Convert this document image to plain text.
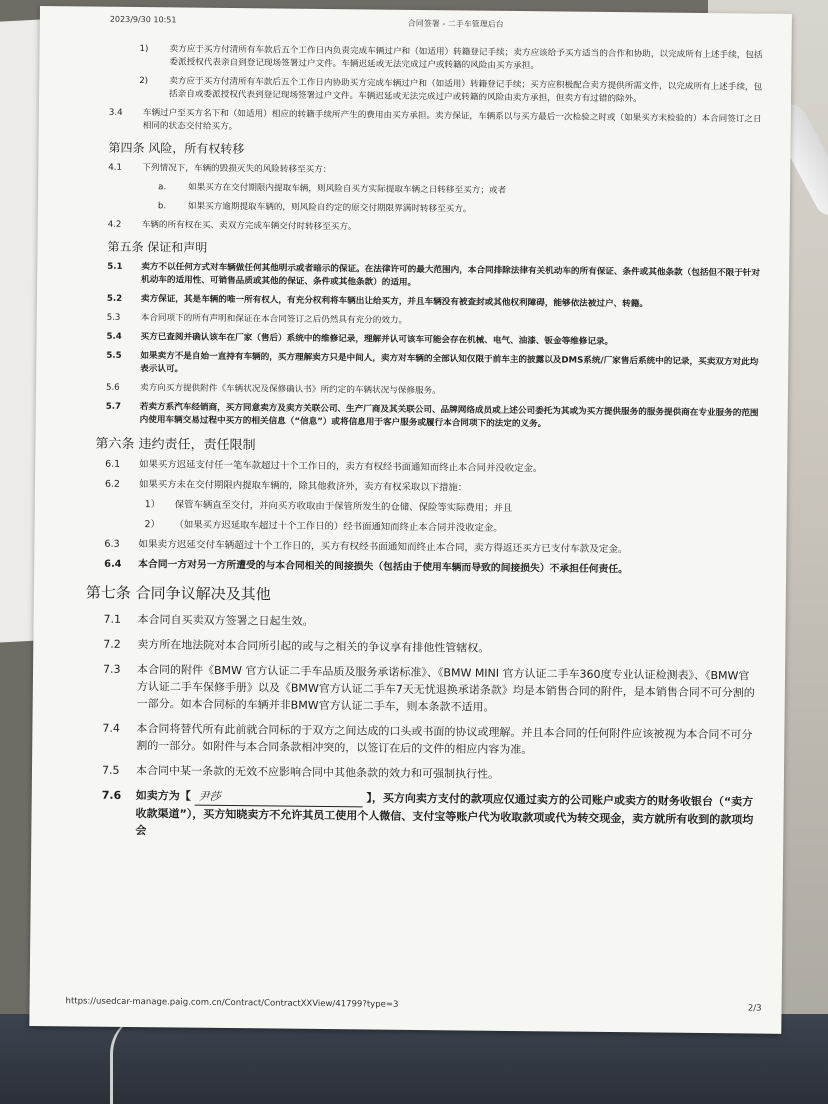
2023/9/30 10:51	合同签署 - 二手车管理后台
1)	卖方应于买方付清所有车款后五个工作日内负责完成车辆过户和（如适用）转籍登记手续；卖方应该给予买方适当的合作和协助，以完成所有上述手续，包括委派授权代表亲自到登记现场签署过户文件。车辆迟延或无法完成过户或转籍的风险由买方承担。
2)	卖方应于买方付清所有车款后五个工作日内协助买方完成车辆过户和（如适用）转籍登记手续；买方应积极配合卖方提供所需文件，以完成所有上述手续，包括亲自或委派授权代表到登记现场签署过户文件。车辆迟延或无法完成过户或转籍的风险由卖方承担，但卖方有过错的除外。
3.4	车辆过户至买方名下和（如适用）相应的转籍手续所产生的费用由买方承担。卖方保证，车辆系以与买方最后一次检验之时或（如果买方未检验的）本合同签订之日相同的状态交付给买方。
第四条 风险，所有权转移
4.1	下列情况下，车辆的毁损灭失的风险转移至买方：
a.	如果买方在交付期限内提取车辆，则风险自买方实际提取车辆之日转移至买方；或者
b.	如果买方逾期提取车辆的，则风险自约定的原交付期限界满时转移至买方。
4.2	车辆的所有权在买、卖双方完成车辆交付时转移至买方。
第五条 保证和声明
5.1	卖方不以任何方式对车辆做任何其他明示或者暗示的保证。在法律许可的最大范围内，本合同排除法律有关机动车的所有保证、条件或其他条款（包括但不限于针对机动车的适用性、可销售品质或其他的保证、条件或其他条款）的适用。
5.2	卖方保证，其是车辆的唯一所有权人，有充分权利将车辆出让给买方，并且车辆没有被查封或其他权利障碍，能够依法被过户、转籍。
5.3	本合同项下的所有声明和保证在本合同签订之后仍然具有充分的效力。
5.4	买方已查阅并确认该车在厂家（售后）系统中的维修记录，理解并认可该车可能会存在机械、电气、油漆、钣金等维修记录。
5.5	如果卖方不是自始一直持有车辆的，买方理解卖方只是中间人，卖方对车辆的全部认知仅限于前车主的披露以及DMS系统/厂家售后系统中的记录，买卖双方对此均表示认可。
5.6	卖方向买方提供附件《车辆状况及保修确认书》所约定的车辆状况与保修服务。
5.7	若卖方系汽车经销商，买方同意卖方及卖方关联公司、生产厂商及其关联公司、品牌网络成员或上述公司委托为其或为买方提供服务的服务提供商在专业服务的范围内使用车辆交易过程中买方的相关信息（“信息”）或将信息用于客户服务或履行本合同项下的法定的义务。
第六条 违约责任，责任限制
6.1	如果买方迟延支付任一笔车款超过十个工作日的，卖方有权经书面通知而终止本合同并没收定金。
6.2	如果买方未在交付期限内提取车辆的，除其他救济外，卖方有权采取以下措施：
1）	保管车辆直至交付，并向买方收取由于保管所发生的仓储、保险等实际费用；并且
2）	（如果买方迟延取车超过十个工作日的）经书面通知而终止本合同并没收定金。
6.3	如果卖方迟延交付车辆超过十个工作日的，买方有权经书面通知而终止本合同，卖方得返还买方已支付车款及定金。
6.4	本合同一方对另一方所遭受的与本合同相关的间接损失（包括由于使用车辆而导致的间接损失）不承担任何责任。
第七条 合同争议解决及其他
7.1	本合同自买卖双方签署之日起生效。
7.2	卖方所在地法院对本合同所引起的或与之相关的争议享有排他性管辖权。
7.3	本合同的附件《BMW 官方认证二手车品质及服务承诺标准》、《BMW MINI 官方认证二手车360度专业认证检测表》、《BMW官方认证二手车保修手册》以及《BMW官方认证二手车7天无忧退换承诺条款》均是本销售合同的附件，是本销售合同不可分割的一部分。如本合同标的车辆并非BMW官方认证二手车，则本条款不适用。
7.4	本合同将替代所有此前就合同标的于双方之间达成的口头或书面的协议或理解。并且本合同的任何附件应该被视为本合同不可分割的一部分。如附件与本合同条款相冲突的，以签订在后的文件的相应内容为准。
7.5	本合同中某一条款的无效不应影响合同中其他条款的效力和可强制执行性。
7.6	如卖方为【 尹莎	】，买方向卖方支付的款项应仅通过卖方的公司账户或卖方的财务收银台（“卖方收款渠道”），买方知晓卖方不允许其员工使用个人微信、支付宝等账户代为收取款项或代为转交现金，卖方就所有收到的款项均会
https://usedcar-manage.paig.com.cn/Contract/ContractXXView/41799?type=3	2/3
